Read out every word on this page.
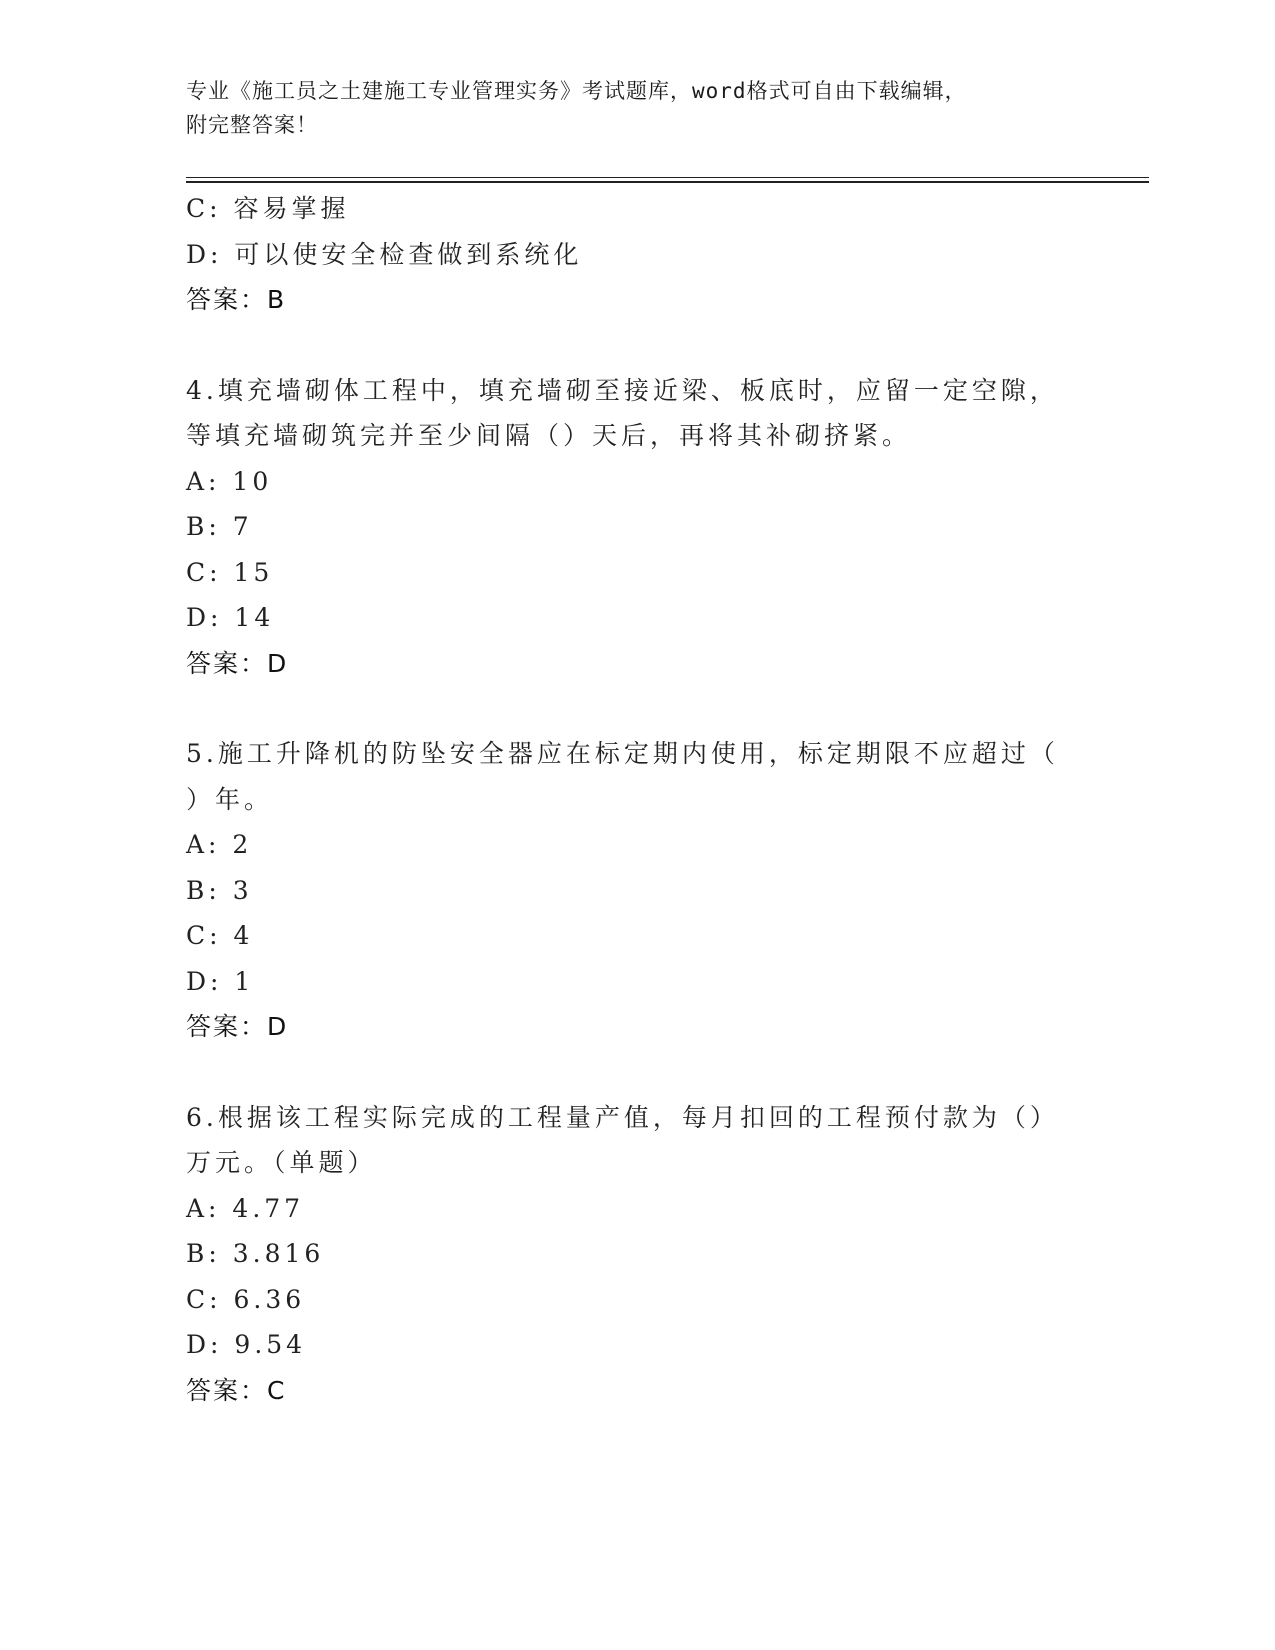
专业《施工员之土建施工专业管理实务》考试题库，word格式可自由下载编辑，
附完整答案！
C: 容易掌握
D: 可以使安全检查做到系统化
答案：B
4.填充墙砌体工程中，填充墙砌至接近梁、板底时，应留一定空隙，
等填充墙砌筑完并至少间隔（）天后，再将其补砌挤紧。
A: 10
B: 7
C: 15
D: 14
答案：D
5.施工升降机的防坠安全器应在标定期内使用，标定期限不应超过（
）年。
A: 2
B: 3
C: 4
D: 1
答案：D
6.根据该工程实际完成的工程量产值，每月扣回的工程预付款为（）
万元。（单题）
A: 4.77
B: 3.816
C: 6.36
D: 9.54
答案：C
